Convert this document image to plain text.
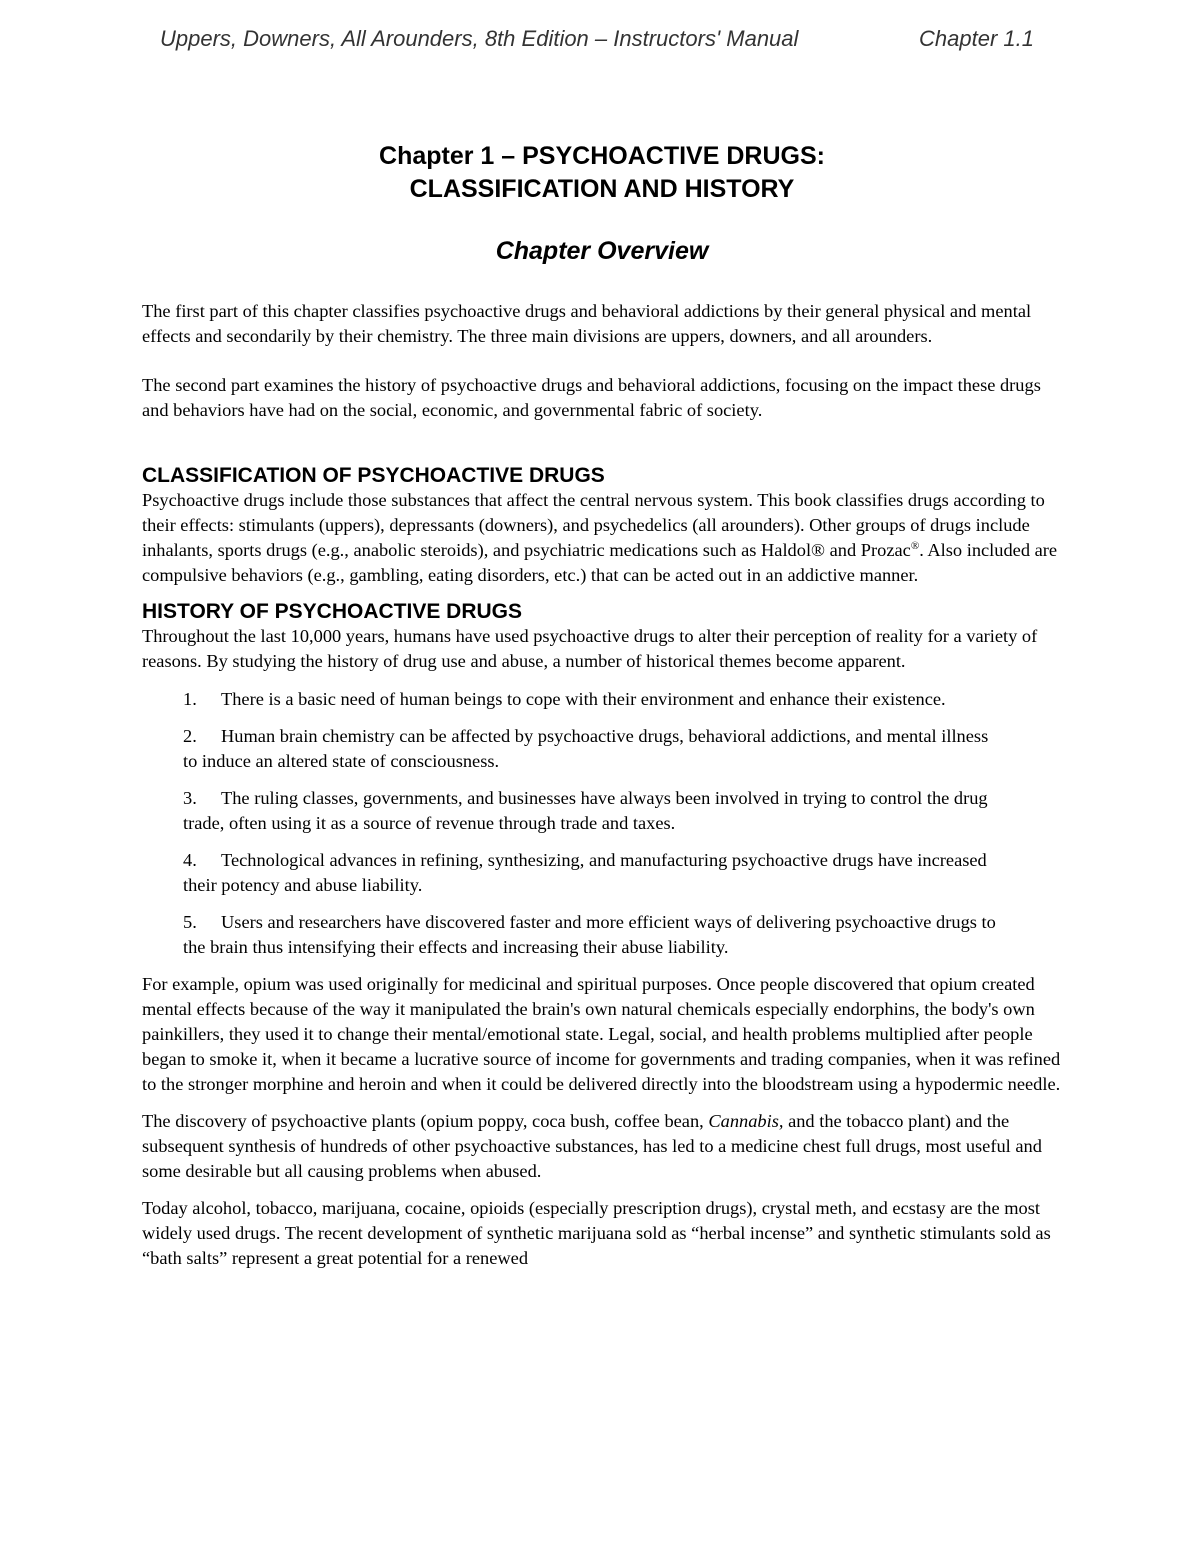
Uppers, Downers, All Arounders, 8th Edition – Instructors' Manual	Chapter 1.1
Chapter 1 – PSYCHOACTIVE DRUGS:
CLASSIFICATION AND HISTORY
Chapter Overview

The first part of this chapter classifies psychoactive drugs and behavioral addictions by their general physical and mental effects and secondarily by their chemistry. The three main divisions are uppers, downers, and all arounders.

The second part examines the history of psychoactive drugs and behavioral addictions, focusing on the impact these drugs and behaviors have had on the social, economic, and governmental fabric of society.

CLASSIFICATION OF PSYCHOACTIVE DRUGS

Psychoactive drugs include those substances that affect the central nervous system. This book classifies drugs according to their effects: stimulants (uppers), depressants (downers), and psychedelics (all arounders). Other groups of drugs include inhalants, sports drugs (e.g., anabolic steroids), and psychiatric medications such as Haldol® and Prozac®. Also included are compulsive behaviors (e.g., gambling, eating disorders, etc.) that can be acted out in an addictive manner.

HISTORY OF PSYCHOACTIVE DRUGS

Throughout the last 10,000 years, humans have used psychoactive drugs to alter their perception of reality for a variety of reasons. By studying the history of drug use and abuse, a number of historical themes become apparent.

1. There is a basic need of human beings to cope with their environment and enhance their existence.
2. Human brain chemistry can be affected by psychoactive drugs, behavioral addictions, and mental illness to induce an altered state of consciousness.
3. The ruling classes, governments, and businesses have always been involved in trying to control the drug trade, often using it as a source of revenue through trade and taxes.
4. Technological advances in refining, synthesizing, and manufacturing psychoactive drugs have increased their potency and abuse liability.
5. Users and researchers have discovered faster and more efficient ways of delivering psychoactive drugs to the brain thus intensifying their effects and increasing their abuse liability.

For example, opium was used originally for medicinal and spiritual purposes. Once people discovered that opium created mental effects because of the way it manipulated the brain's own natural chemicals especially endorphins, the body's own painkillers, they used it to change their mental/emotional state. Legal, social, and health problems multiplied after people began to smoke it, when it became a lucrative source of income for governments and trading companies, when it was refined to the stronger morphine and heroin and when it could be delivered directly into the bloodstream using a hypodermic needle.

The discovery of psychoactive plants (opium poppy, coca bush, coffee bean, Cannabis, and the tobacco plant) and the subsequent synthesis of hundreds of other psychoactive substances, has led to a medicine chest full drugs, most useful and some desirable but all causing problems when abused.

Today alcohol, tobacco, marijuana, cocaine, opioids (especially prescription drugs), crystal meth, and ecstasy are the most widely used drugs. The recent development of synthetic marijuana sold as “herbal incense” and synthetic stimulants sold as “bath salts” represent a great potential for a renewed
